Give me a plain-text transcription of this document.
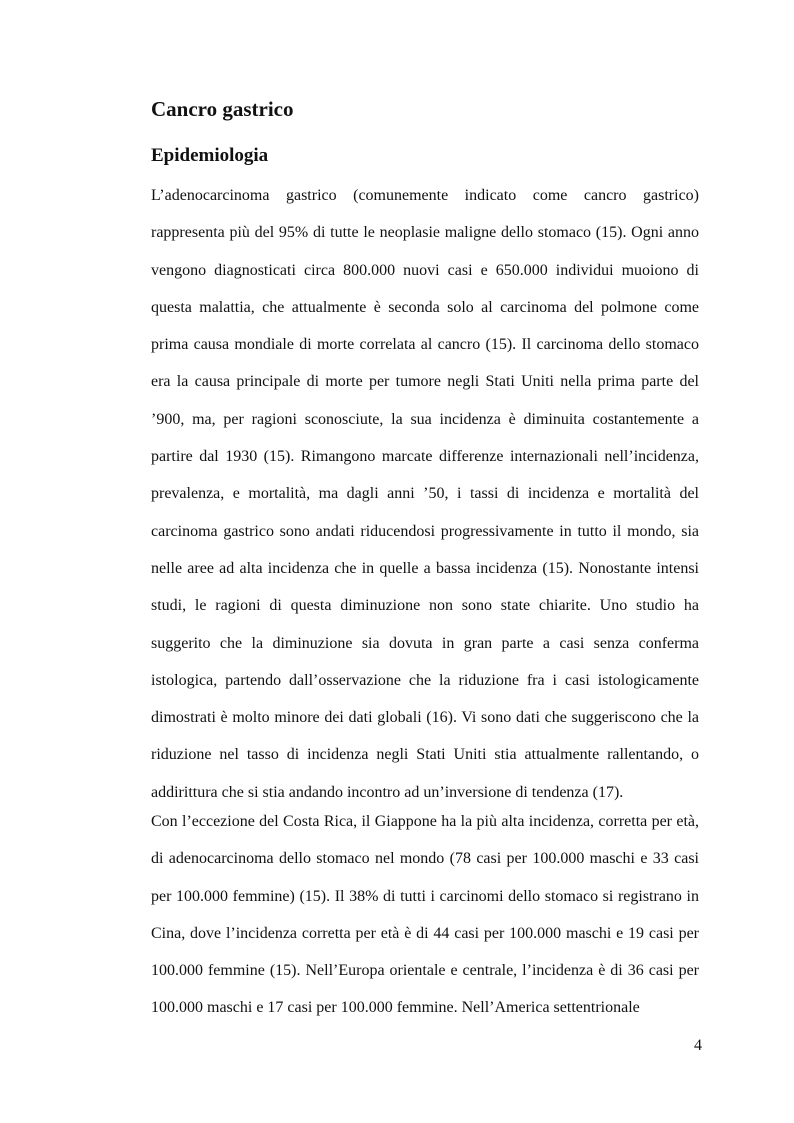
Cancro gastrico
Epidemiologia

L’adenocarcinoma gastrico (comunemente indicato come cancro gastrico) rappresenta più del 95% di tutte le neoplasie maligne dello stomaco (15). Ogni anno vengono diagnosticati circa 800.000 nuovi casi e 650.000 individui muoiono di questa malattia, che attualmente è seconda solo al carcinoma del polmone come prima causa mondiale di morte correlata al cancro (15). Il carcinoma dello stomaco era la causa principale di morte per tumore negli Stati Uniti nella prima parte del ’900, ma, per ragioni sconosciute, la sua incidenza è diminuita costantemente a partire dal 1930 (15). Rimangono marcate differenze internazionali nell’incidenza, prevalenza, e mortalità, ma dagli anni ’50, i tassi di incidenza e mortalità del carcinoma gastrico sono andati riducendosi progressivamente in tutto il mondo, sia nelle aree ad alta incidenza che in quelle a bassa incidenza (15). Nonostante intensi studi, le ragioni di questa diminuzione non sono state chiarite. Uno studio ha suggerito che la diminuzione sia dovuta in gran parte a casi senza conferma istologica, partendo dall’osservazione che la riduzione fra i casi istologicamente dimostrati è molto minore dei dati globali (16). Vi sono dati che suggeriscono che la riduzione nel tasso di incidenza negli Stati Uniti stia attualmente rallentando, o addirittura che si stia andando incontro ad un’inversione di tendenza (17).

Con l’eccezione del Costa Rica, il Giappone ha la più alta incidenza, corretta per età, di adenocarcinoma dello stomaco nel mondo (78 casi per 100.000 maschi e 33 casi per 100.000 femmine) (15). Il 38% di tutti i carcinomi dello stomaco si registrano in Cina, dove l’incidenza corretta per età è di 44 casi per 100.000 maschi e 19 casi per 100.000 femmine (15). Nell’Europa orientale e centrale, l’incidenza è di 36 casi per 100.000 maschi e 17 casi per 100.000 femmine. Nell’America settentrionale

4
